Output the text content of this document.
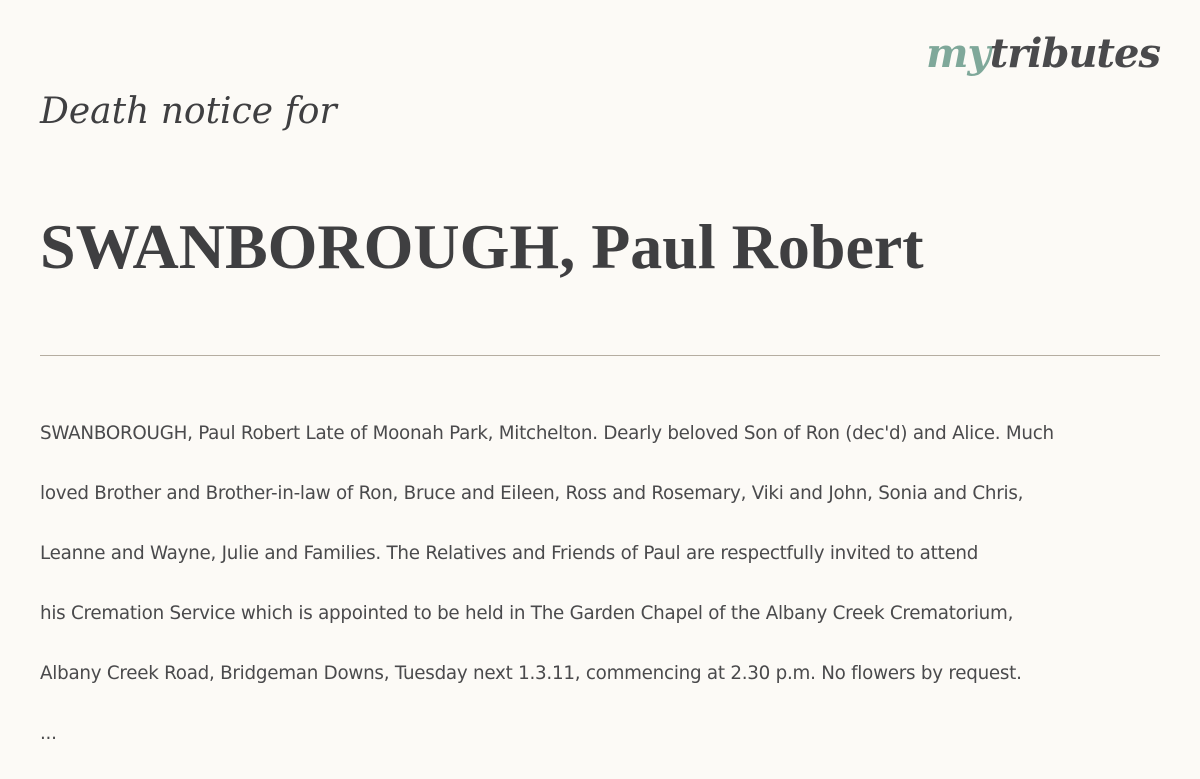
mytributes
Death notice for
SWANBOROUGH, Paul Robert

SWANBOROUGH, Paul Robert Late of Moonah Park, Mitchelton. Dearly beloved Son of Ron (dec'd) and Alice. Much

loved Brother and Brother-in-law of Ron, Bruce and Eileen, Ross and Rosemary, Viki and John, Sonia and Chris,

Leanne and Wayne, Julie and Families. The Relatives and Friends of Paul are respectfully invited to attend

his Cremation Service which is appointed to be held in The Garden Chapel of the Albany Creek Crematorium,

Albany Creek Road, Bridgeman Downs, Tuesday next 1.3.11, commencing at 2.30 p.m. No flowers by request.

...
